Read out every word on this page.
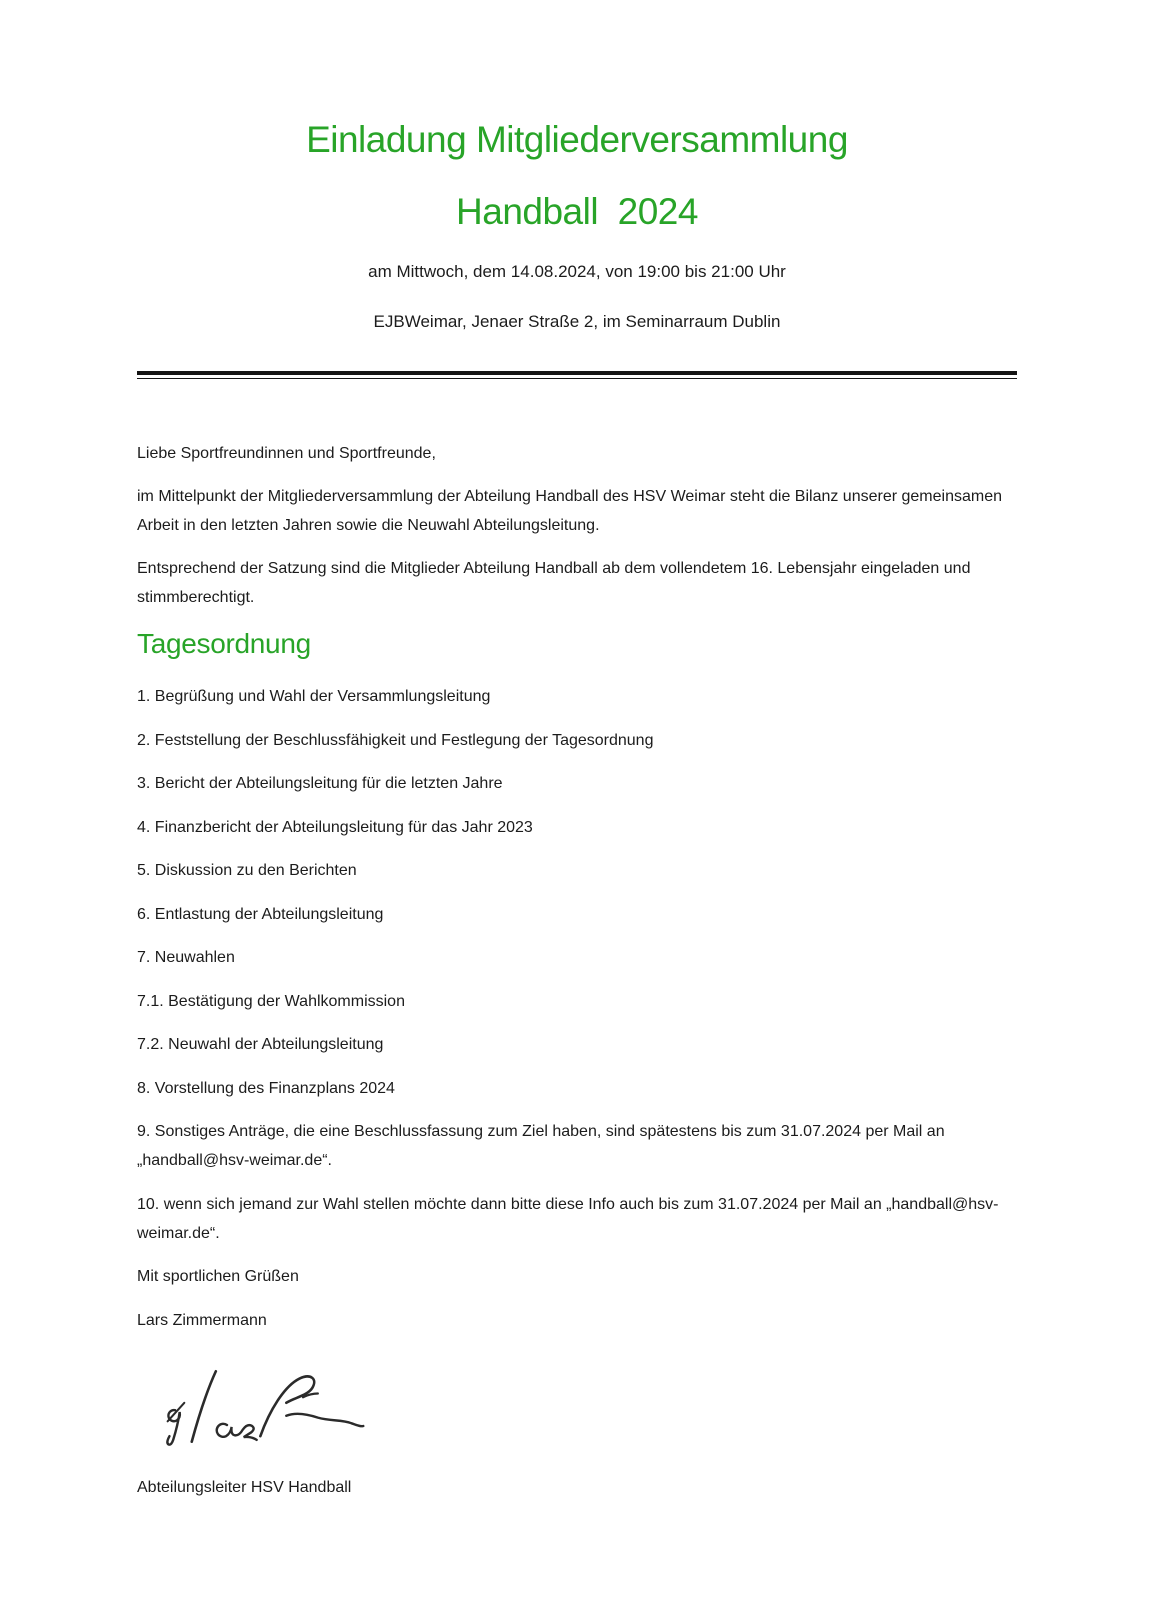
Einladung Mitgliederversammlung
Handball  2024

am Mittwoch, dem 14.08.2024, von 19:00 bis 21:00 Uhr

EJBWeimar, Jenaer Straße 2, im Seminarraum Dublin

Liebe Sportfreundinnen und Sportfreunde,

im Mittelpunkt der Mitgliederversammlung der Abteilung Handball des HSV Weimar steht die Bilanz unserer gemeinsamen Arbeit in den letzten Jahren sowie die Neuwahl Abteilungsleitung.

Entsprechend der Satzung sind die Mitglieder Abteilung Handball ab dem vollendetem 16. Lebensjahr eingeladen und stimmberechtigt.

Tagesordnung

1. Begrüßung und Wahl der Versammlungsleitung

2. Feststellung der Beschlussfähigkeit und Festlegung der Tagesordnung

3. Bericht der Abteilungsleitung für die letzten Jahre

4. Finanzbericht der Abteilungsleitung für das Jahr 2023

5. Diskussion zu den Berichten

6. Entlastung der Abteilungsleitung

7. Neuwahlen

7.1. Bestätigung der Wahlkommission

7.2. Neuwahl der Abteilungsleitung

8. Vorstellung des Finanzplans 2024

9. Sonstiges Anträge, die eine Beschlussfassung zum Ziel haben, sind spätestens bis zum 31.07.2024 per Mail an „handball@hsv-weimar.de“.

10. wenn sich jemand zur Wahl stellen möchte dann bitte diese Info auch bis zum 31.07.2024 per Mail an „handball@hsv-weimar.de“.

Mit sportlichen Grüßen

Lars Zimmermann

Abteilungsleiter HSV Handball
